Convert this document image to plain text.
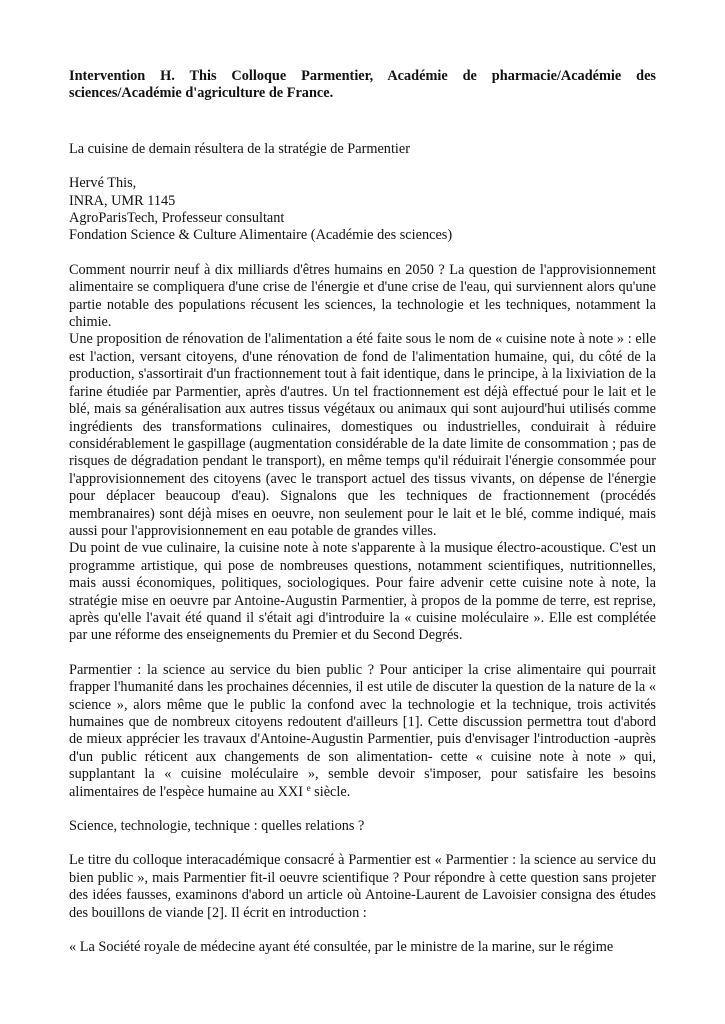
Intervention H. This Colloque Parmentier, Académie de pharmacie/Académie des sciences/Académie d'agriculture de France.

La cuisine de demain résultera de la stratégie de Parmentier

Hervé This,

INRA, UMR 1145

AgroParisTech, Professeur consultant

Fondation Science & Culture Alimentaire (Académie des sciences)

Comment nourrir neuf à dix milliards d'êtres humains en 2050 ? La question de l'approvisionnement alimentaire se compliquera d'une crise de l'énergie et d'une crise de l'eau, qui surviennent alors qu'une partie notable des populations récusent les sciences, la technologie et les techniques, notamment la chimie.

Une proposition de rénovation de l'alimentation a été faite sous le nom de « cuisine note à note » : elle est l'action, versant citoyens, d'une rénovation de fond de l'alimentation humaine, qui, du côté de la production, s'assortirait d'un fractionnement tout à fait identique, dans le principe, à la lixiviation de la farine étudiée par Parmentier, après d'autres. Un tel fractionnement est déjà effectué pour le lait et le blé, mais sa généralisation aux autres tissus végétaux ou animaux qui sont aujourd'hui utilisés comme ingrédients des transformations culinaires, domestiques ou industrielles, conduirait à réduire considérablement le gaspillage (augmentation considérable de la date limite de consommation ; pas de risques de dégradation pendant le transport), en même temps qu'il réduirait l'énergie consommée pour l'approvisionnement des citoyens (avec le transport actuel des tissus vivants, on dépense de l'énergie pour déplacer beaucoup d'eau). Signalons que les techniques de fractionnement (procédés membranaires) sont déjà mises en oeuvre, non seulement pour le lait et le blé, comme indiqué, mais aussi pour l'approvisionnement en eau potable de grandes villes.

Du point de vue culinaire, la cuisine note à note s'apparente à la musique électro-acoustique. C'est un programme artistique, qui pose de nombreuses questions, notamment scientifiques, nutritionnelles, mais aussi économiques, politiques, sociologiques. Pour faire advenir cette cuisine note à note, la stratégie mise en oeuvre par Antoine-Augustin Parmentier, à propos de la pomme de terre, est reprise, après qu'elle l'avait été quand il s'était agi d'introduire la « cuisine moléculaire ». Elle est complétée par une réforme des enseignements du Premier et du Second Degrés.

Parmentier : la science au service du bien public ? Pour anticiper la crise alimentaire qui pourrait frapper l'humanité dans les prochaines décennies, il est utile de discuter la question de la nature de la « science », alors même que le public la confond avec la technologie et la technique, trois activités humaines que de nombreux citoyens redoutent d'ailleurs [1]. Cette discussion permettra tout d'abord de mieux apprécier les travaux d'Antoine-Augustin Parmentier, puis d'envisager l'introduction -auprès d'un public réticent aux changements de son alimentation- cette « cuisine note à note » qui, supplantant la « cuisine moléculaire », semble devoir s'imposer, pour satisfaire les besoins alimentaires de l'espèce humaine au XXI $^e$ siècle.

Science, technologie, technique : quelles relations ?

Le titre du colloque interacadémique consacré à Parmentier est « Parmentier : la science au service du bien public », mais Parmentier fit-il oeuvre scientifique ? Pour répondre à cette question sans projeter des idées fausses, examinons d'abord un article où Antoine-Laurent de Lavoisier consigna des études des bouillons de viande [2]. Il écrit en introduction :

« La Société royale de médecine ayant été consultée, par le ministre de la marine, sur le régime
